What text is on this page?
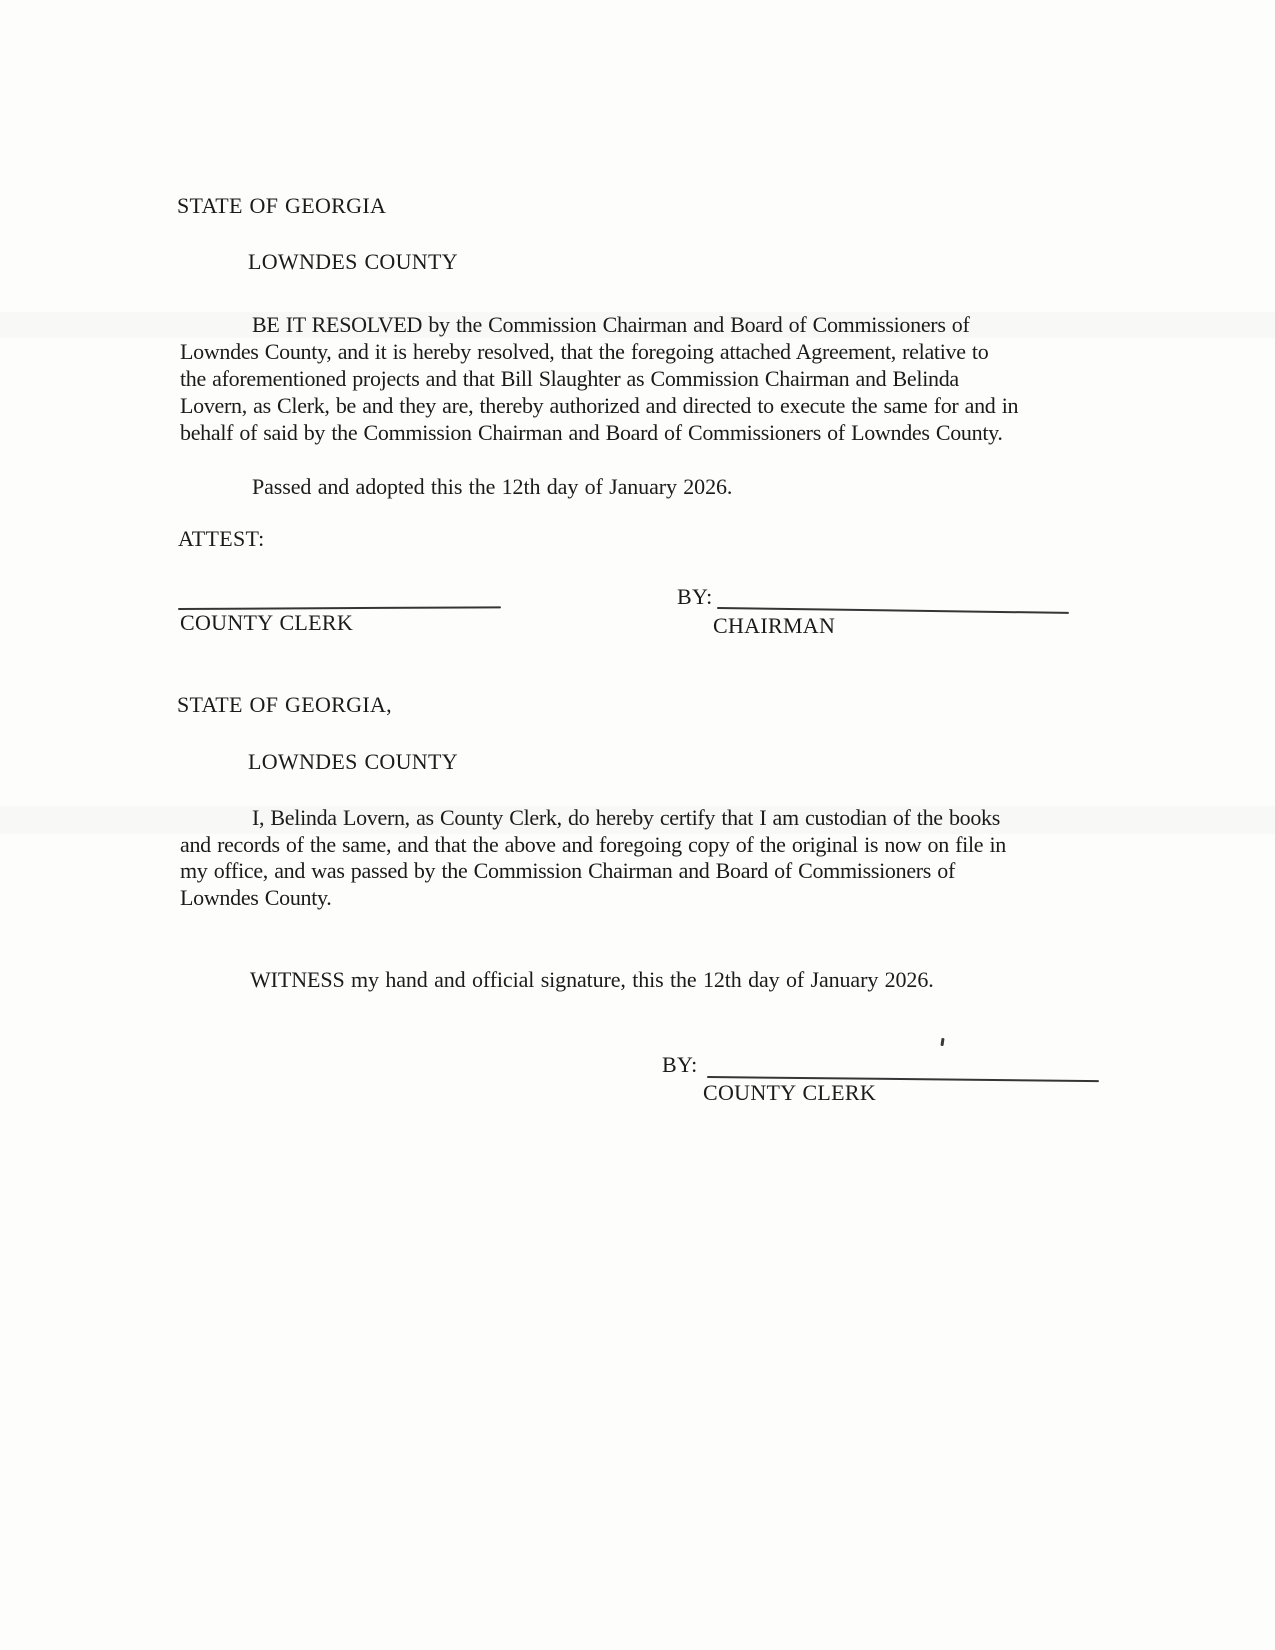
STATE OF GEORGIA
LOWNDES COUNTY
BE IT RESOLVED by the Commission Chairman and Board of Commissioners of
Lowndes County, and it is hereby resolved, that the foregoing attached Agreement, relative to
the aforementioned projects and that Bill Slaughter as Commission Chairman and Belinda
Lovern, as Clerk, be and they are, thereby authorized and directed to execute the same for and in
behalf of said by the Commission Chairman and Board of Commissioners of Lowndes County.
Passed and adopted this the 12th day of January 2026.
ATTEST:
COUNTY CLERK
BY:
CHAIRMAN
STATE OF GEORGIA,
LOWNDES COUNTY
I, Belinda Lovern, as County Clerk, do hereby certify that I am custodian of the books
and records of the same, and that the above and foregoing copy of the original is now on file in
my office, and was passed by the Commission Chairman and Board of Commissioners of
Lowndes County.
WITNESS my hand and official signature, this the 12th day of January 2026.
BY:
COUNTY CLERK
